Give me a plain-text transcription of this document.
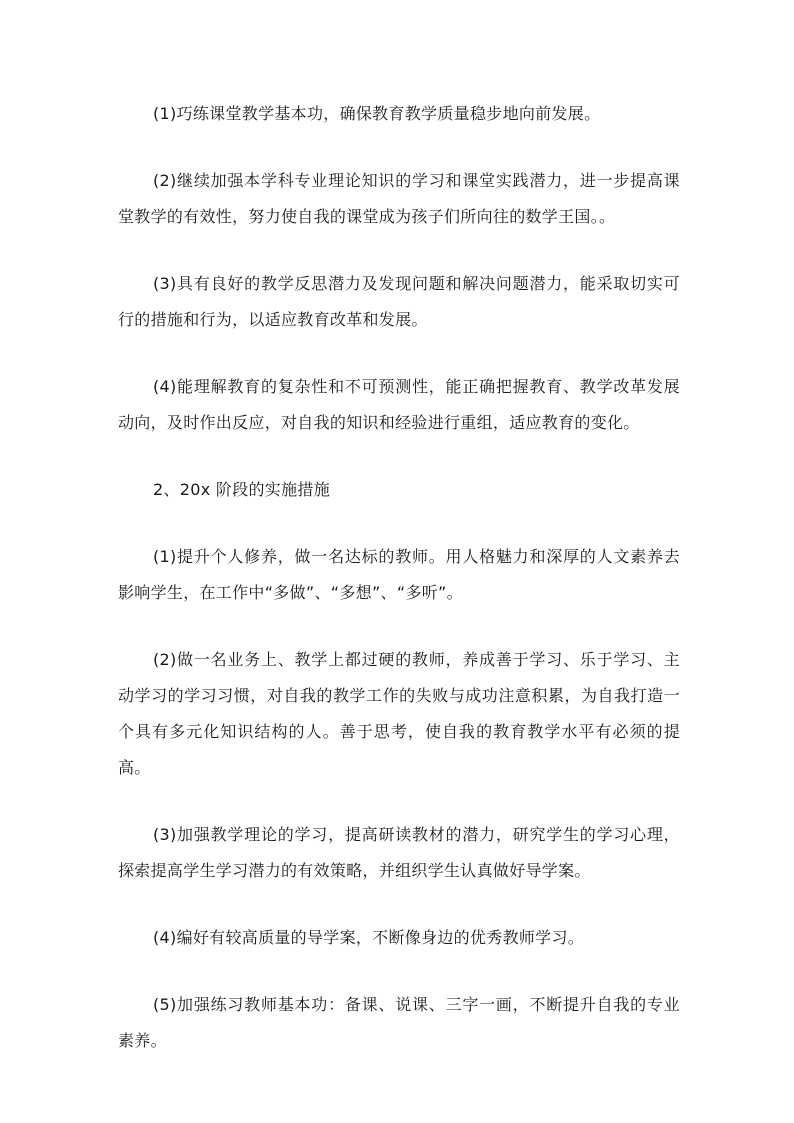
(1)巧练课堂教学基本功，确保教育教学质量稳步地向前发展。

(2)继续加强本学科专业理论知识的学习和课堂实践潜力，进一步提高课堂教学的有效性，努力使自我的课堂成为孩子们所向往的数学王国。。

(3)具有良好的教学反思潜力及发现问题和解决问题潜力，能采取切实可行的措施和行为，以适应教育改革和发展。

(4)能理解教育的复杂性和不可预测性，能正确把握教育、教学改革发展动向，及时作出反应，对自我的知识和经验进行重组，适应教育的变化。

2、20x 阶段的实施措施

(1)提升个人修养，做一名达标的教师。用人格魅力和深厚的人文素养去影响学生，在工作中“多做”、“多想”、“多听”。

(2)做一名业务上、教学上都过硬的教师，养成善于学习、乐于学习、主动学习的学习习惯，对自我的教学工作的失败与成功注意积累，为自我打造一个具有多元化知识结构的人。善于思考，使自我的教育教学水平有必须的提高。

(3)加强教学理论的学习，提高研读教材的潜力，研究学生的学习心理，探索提高学生学习潜力的有效策略，并组织学生认真做好导学案。

(4)编好有较高质量的导学案，不断像身边的优秀教师学习。

(5)加强练习教师基本功：备课、说课、三字一画，不断提升自我的专业素养。
